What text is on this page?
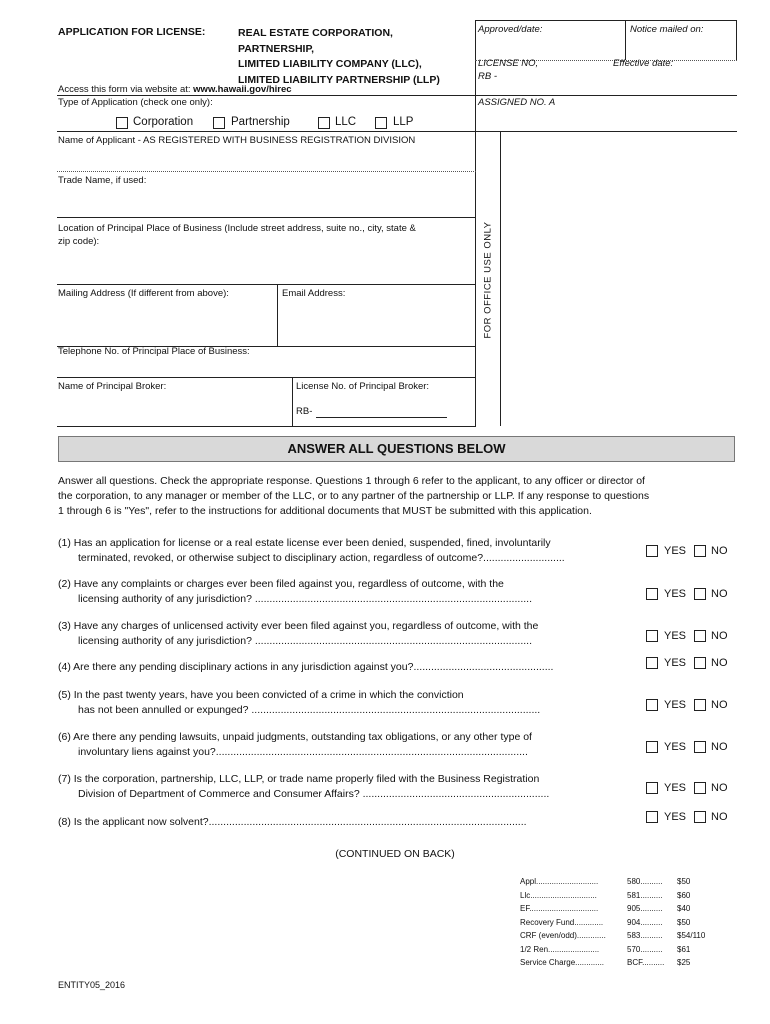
APPLICATION FOR LICENSE:	REAL ESTATE CORPORATION,
PARTNERSHIP,
LIMITED LIABILITY COMPANY (LLC),
LIMITED LIABILITY PARTNERSHIP (LLP)
Access this form via website at: www.hawaii.gov/hirec
Type of Application (check one only):
Corporation	Partnership	LLC	LLP
Approved/date:	Notice mailed on:
LICENSE NO,
RB -
Effective date:
ASSIGNED NO. A
FOR OFFICE USE ONLY
Name of Applicant - AS REGISTERED WITH BUSINESS REGISTRATION DIVISION
Trade Name, if used:
Location of Principal Place of Business (Include street address, suite no., city, state &
zip code):
Mailing Address (If different from above):	Email Address:
Telephone No. of Principal Place of Business:
Name of Principal Broker:	License No. of Principal Broker:
RB-
ANSWER ALL QUESTIONS BELOW
Answer all questions. Check the appropriate response. Questions 1 through 6 refer to the applicant, to any officer or director of
the corporation, to any manager or member of the LLC, or to any partner of the partnership or LLP. If any response to questions
1 through 6 is "Yes", refer to the instructions for additional documents that MUST be submitted with this application.
(1) Has an application for license or a real estate license ever been denied, suspended, fined, involuntarily
terminated, revoked, or otherwise subject to disciplinary action, regardless of outcome?............................
YES NO
(2) Have any complaints or charges ever been filed against you, regardless of outcome, with the
licensing authority of any jurisdiction? ...............................................................................................	YES NO
(3) Have any charges of unlicensed activity ever been filed against you, regardless of outcome, with the
licensing authority of any jurisdiction? ...............................................................................................	YES NO
(4) Are there any pending disciplinary actions in any jurisdiction against you?................................................	YES NO
(5) In the past twenty years, have you been convicted of a crime in which the conviction
has not been annulled or expunged? ...................................................................................................	YES NO
(6) Are there any pending lawsuits, unpaid judgments, outstanding tax obligations, or any other type of
involuntary liens against you?...........................................................................................................	YES NO
(7) Is the corporation, partnership, LLC, LLP, or trade name properly filed with the Business Registration
Division of Department of Commerce and Consumer Affairs? ................................................................	YES NO
(8) Is the applicant now solvent?.............................................................................................................	YES NO
(CONTINUED ON BACK)
Appl............................	580.......... $50
Llc..............................	581.......... $60
EF...............................	905.......... $40
Recovery Fund.............	904.......... $50
CRF (even/odd).............	583.......... $54/110
1/2 Ren.......................	570.......... $61
Service Charge.............	BCF.......... $25
ENTITY05_2016
